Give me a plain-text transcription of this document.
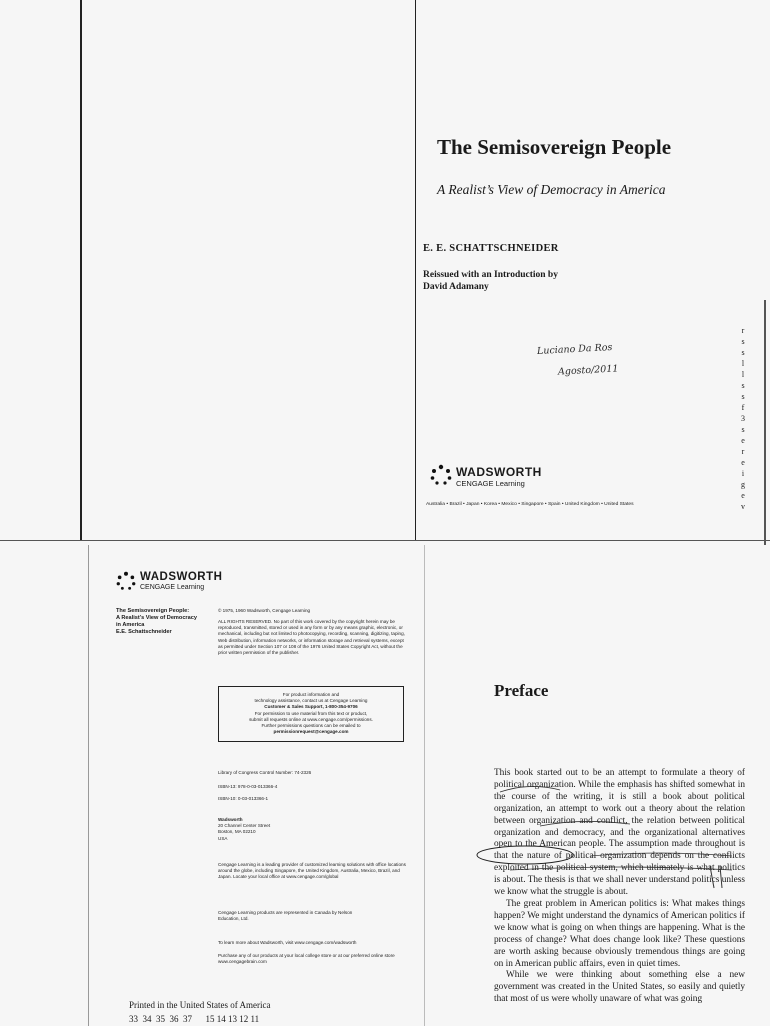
The Semisovereign People
A Realist’s View of Democracy in America
E. E. SCHATTSCHNEIDER
Reissued with an Introduction by
David Adamany
Luciano Da Ros
Agosto/2011
WADSWORTH
CENGAGE Learning
Australia • Brazil • Japan • Korea • Mexico • Singapore • Spain • United Kingdom • United States
r
s
s
l
l
s
s
f
3
s
e
r
e
i
g
e
v
WADSWORTH
CENGAGE Learning
The Semisovereign People:
A Realist’s View of Democracy
in America
E.E. Schattschneider
© 1975, 1960 Wadsworth, Cengage Learning
ALL RIGHTS RESERVED. No part of this work covered by the copyright herein may be reproduced, transmitted, stored or used in any form or by any means graphic, electronic, or mechanical, including but not limited to photocopying, recording, scanning, digitizing, taping, Web distribution, information networks, or information storage and retrieval systems, except as permitted under Section 107 or 108 of the 1976 United States Copyright Act, without the prior written permission of the publisher.
For product information and
technology assistance, contact us at Cengage Learning
Customer & Sales Support, 1-800-354-9706
For permission to use material from this text or product,
submit all requests online at www.cengage.com/permissions.
Further permissions questions can be emailed to
permissionrequest@cengage.com
Library of Congress Control Number: 74-2326
ISBN-13: 978-0-03-013366-4
ISBN-10: 0-03-013366-1
Wadsworth
20 Channel Center Street
Boston, MA 02210
USA
Cengage Learning is a leading provider of customized learning solutions with office locations around the globe, including Singapore, the United Kingdom, Australia, Mexico, Brazil, and Japan. Locate your local office at www.cengage.com/global
Cengage Learning products are represented in Canada by Nelson Education, Ltd.
To learn more about Wadsworth, visit www.cengage.com/wadsworth
Purchase any of our products at your local college store or at our preferred online store www.cengagebrain.com
Printed in the United States of America
33  34  35  36  37      15 14 13 12 11
Preface

This book started out to be an attempt to formulate a theory of political organization. While the emphasis has shifted somewhat in the course of the writing, it is still a book about political organization, an attempt to work out a theory about the relation between organization and conflict, the relation between political organization and democracy, and the organizational alternatives open to the American people. The assumption made throughout is that the nature of political organization depends on the conflicts exploited in the political system, which ultimately is what politics is about. The thesis is that we shall never understand politics unless we know what the struggle is about.

The great problem in American politics is: What makes things happen? We might understand the dynamics of American politics if we know what is going on when things are happening. What is the process of change? What does change look like? These questions are worth asking because obviously tremendous things are going on in American public affairs, even in quiet times.

While we were thinking about something else a new government was created in the United States, so easily and quietly that most of us were wholly unaware of what was going
